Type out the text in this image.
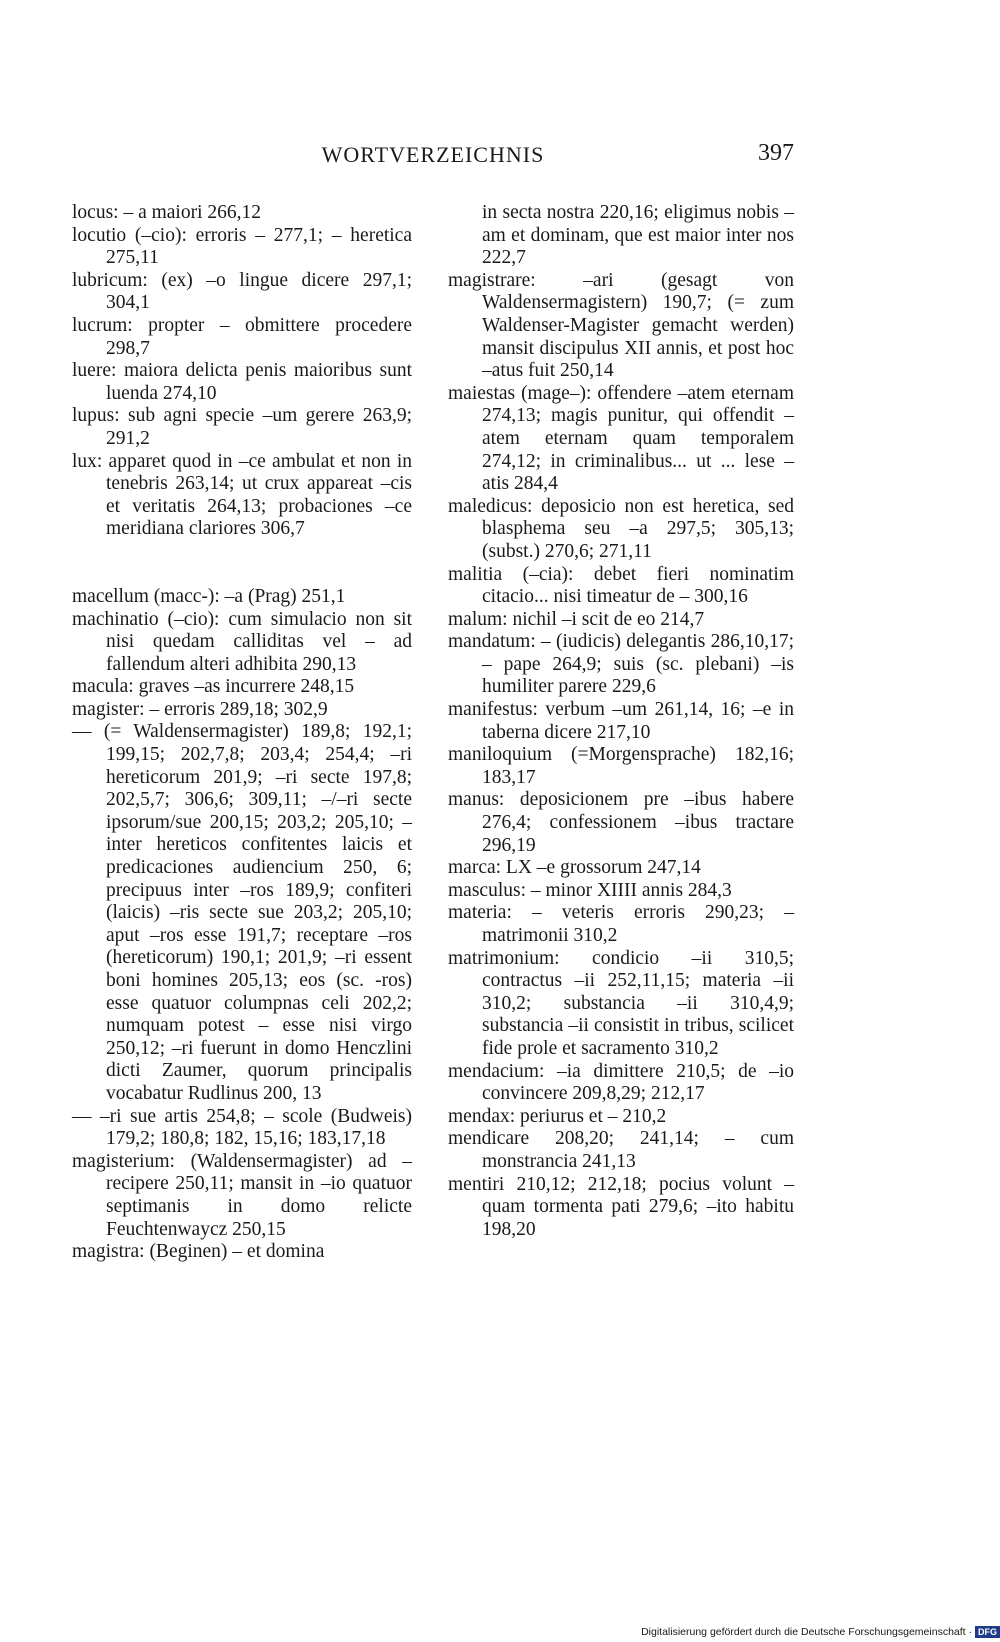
WORTVERZEICHNIS	397
locus: – a maiori 266,12
locutio (–cio): erroris – 277,1; – heretica 275,11
lubricum: (ex) –o lingue dicere 297,1; 304,1
lucrum: propter – obmittere procedere 298,7
luere: maiora delicta penis maioribus sunt luenda 274,10
lupus: sub agni specie –um gerere 263,9; 291,2
lux: apparet quod in –ce ambulat et non in tenebris 263,14; ut crux appareat –cis et veritatis 264,13; probaciones –ce meridiana clariores 306,7
macellum (macc-): –a (Prag) 251,1
machinatio (–cio): cum simulacio non sit nisi quedam calliditas vel – ad fallendum alteri adhibita 290,13
macula: graves –as incurrere 248,15
magister: – erroris 289,18; 302,9
— (= Waldensermagister) 189,8; 192,1; 199,15; 202,7,8; 203,4; 254,4; –ri hereticorum 201,9; –ri secte 197,8; 202,5,7; 306,6; 309,11; –/–ri secte ipsorum/sue 200,15; 203,2; 205,10; – inter hereticos confitentes laicis et predicaciones audiencium 250, 6; precipuus inter –ros 189,9; confiteri (laicis) –ris secte sue 203,2; 205,10; aput –ros esse 191,7; receptare –ros (hereticorum) 190,1; 201,9; –ri essent boni homines 205,13; eos (sc. -ros) esse quatuor columpnas celi 202,2; numquam potest – esse nisi virgo 250,12; –ri fuerunt in domo Henczlini dicti Zaumer, quorum principalis vocabatur Rudlinus 200, 13
— –ri sue artis 254,8; – scole (Budweis) 179,2; 180,8; 182, 15,16; 183,17,18
magisterium: (Waldensermagister) ad – recipere 250,11; mansit in –io quatuor septimanis in domo relicte Feuchtenwaycz 250,15
magistra: (Beginen) – et domina
in secta nostra 220,16; eligimus nobis –am et dominam, que est maior inter nos 222,7
magistrare: –ari (gesagt von Waldensermagistern) 190,7; (= zum Waldenser-Magister gemacht werden) mansit discipulus XII annis, et post hoc –atus fuit 250,14
maiestas (mage–): offendere –atem eternam 274,13; magis punitur, qui offendit –atem eternam quam temporalem 274,12; in criminalibus... ut ... lese –atis 284,4
maledicus: deposicio non est heretica, sed blasphema seu –a 297,5; 305,13; (subst.) 270,6; 271,11
malitia (–cia): debet fieri nominatim citacio... nisi timeatur de – 300,16
malum: nichil –i scit de eo 214,7
mandatum: – (iudicis) delegantis 286,10,17; – pape 264,9; suis (sc. plebani) –is humiliter parere 229,6
manifestus: verbum –um 261,14, 16; –e in taberna dicere 217,10
maniloquium (=Morgensprache) 182,16; 183,17
manus: deposicionem pre –ibus habere 276,4; confessionem –ibus tractare 296,19
marca: LX –e grossorum 247,14
masculus: – minor XIIII annis 284,3
materia: – veteris erroris 290,23; – matrimonii 310,2
matrimonium: condicio –ii 310,5; contractus –ii 252,11,15; materia –ii 310,2; substancia –ii 310,4,9; substancia –ii consistit in tribus, scilicet fide prole et sacramento 310,2
mendacium: –ia dimittere 210,5; de –io convincere 209,8,29; 212,17
mendax: periurus et – 210,2
mendicare 208,20; 241,14; – cum monstrancia 241,13
mentiri 210,12; 212,18; pocius volunt – quam tormenta pati 279,6; –ito habitu 198,20
Digitalisierung gefördert durch die Deutsche Forschungsgemeinschaft · DFG
